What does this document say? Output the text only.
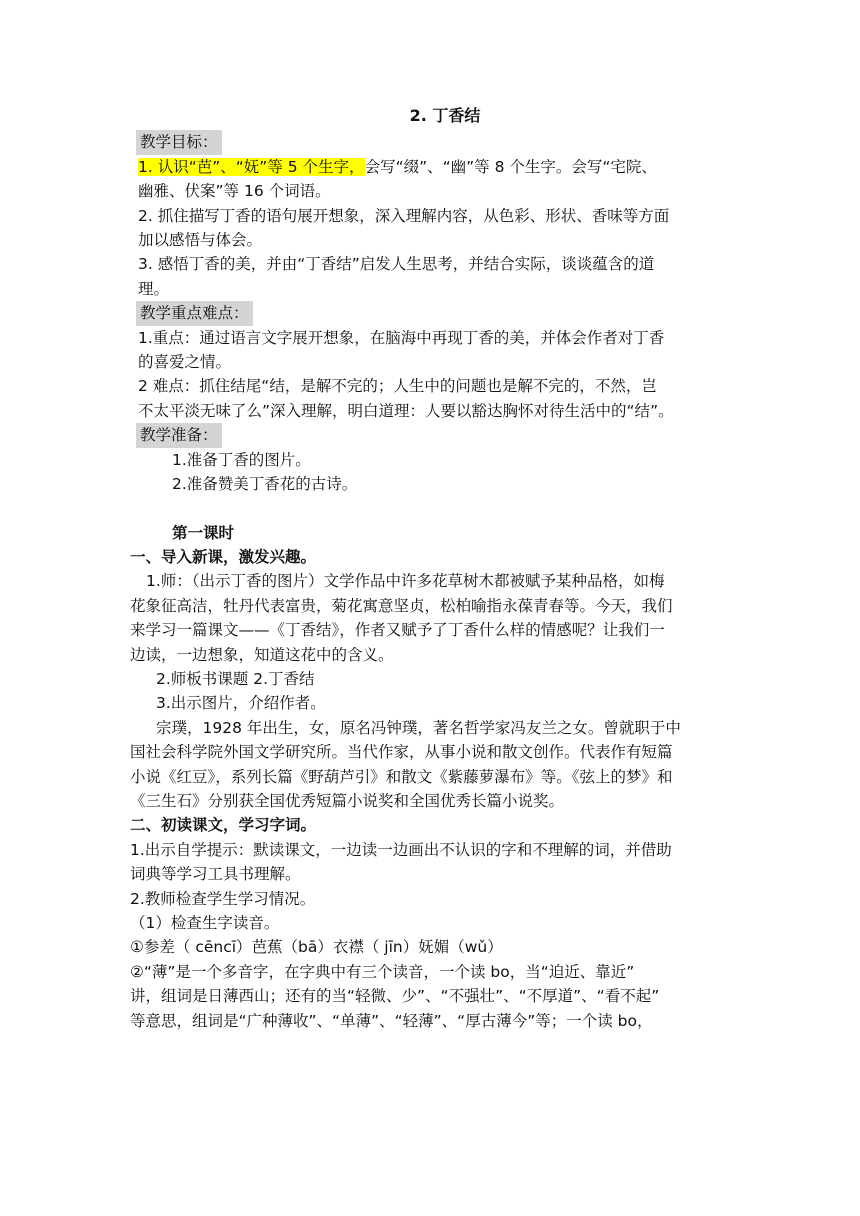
2. 丁香结
教学目标：

1. 认识“芭”、“妩”等 5 个生字，会写“缀”、“幽”等 8 个生字。会写“宅院、
幽雅、伏案”等 16 个词语。

2. 抓住描写丁香的语句展开想象，深入理解内容，从色彩、形状、香味等方面
加以感悟与体会。

3. 感悟丁香的美，并由“丁香结”启发人生思考，并结合实际，谈谈蕴含的道
理。

教学重点难点：

1.重点：通过语言文字展开想象，在脑海中再现丁香的美，并体会作者对丁香
的喜爱之情。

2 难点：抓住结尾“结，是解不完的；人生中的问题也是解不完的，不然，岂
不太平淡无味了么”深入理解，明白道理：人要以豁达胸怀对待生活中的“结”。

教学准备：

1.准备丁香的图片。

2.准备赞美丁香花的古诗。

第一课时

一、导入新课，激发兴趣。

1.师：（出示丁香的图片）文学作品中许多花草树木都被赋予某种品格，如梅
花象征高洁，牡丹代表富贵，菊花寓意坚贞，松柏喻指永葆青春等。今天，我们
来学习一篇课文——《丁香结》，作者又赋予了丁香什么样的情感呢？让我们一
边读，一边想象，知道这花中的含义。

2.师板书课题 2.丁香结

3.出示图片，介绍作者。

宗璞，1928 年出生，女，原名冯钟璞，著名哲学家冯友兰之女。曾就职于中
国社会科学院外国文学研究所。当代作家，从事小说和散文创作。代表作有短篇
小说《红豆》，系列长篇《野葫芦引》和散文《紫藤萝瀑布》等。《弦上的梦》和
《三生石》分别获全国优秀短篇小说奖和全国优秀长篇小说奖。

二、初读课文，学习字词。

1.出示自学提示：默读课文，一边读一边画出不认识的字和不理解的词，并借助
词典等学习工具书理解。

2.教师检查学生学习情况。

（1）检查生字读音。

①参差（ cēncī）芭蕉（bā）衣襟（ jīn）妩媚（wǔ）

②“薄”是一个多音字，在字典中有三个读音，一个读 bo，当“迫近、靠近”
讲，组词是日薄西山；还有的当“轻微、少”、“不强壮”、“不厚道”、“看不起”
等意思，组词是“广种薄收”、“单薄”、“轻薄”、“厚古薄今”等；一个读 bo，
